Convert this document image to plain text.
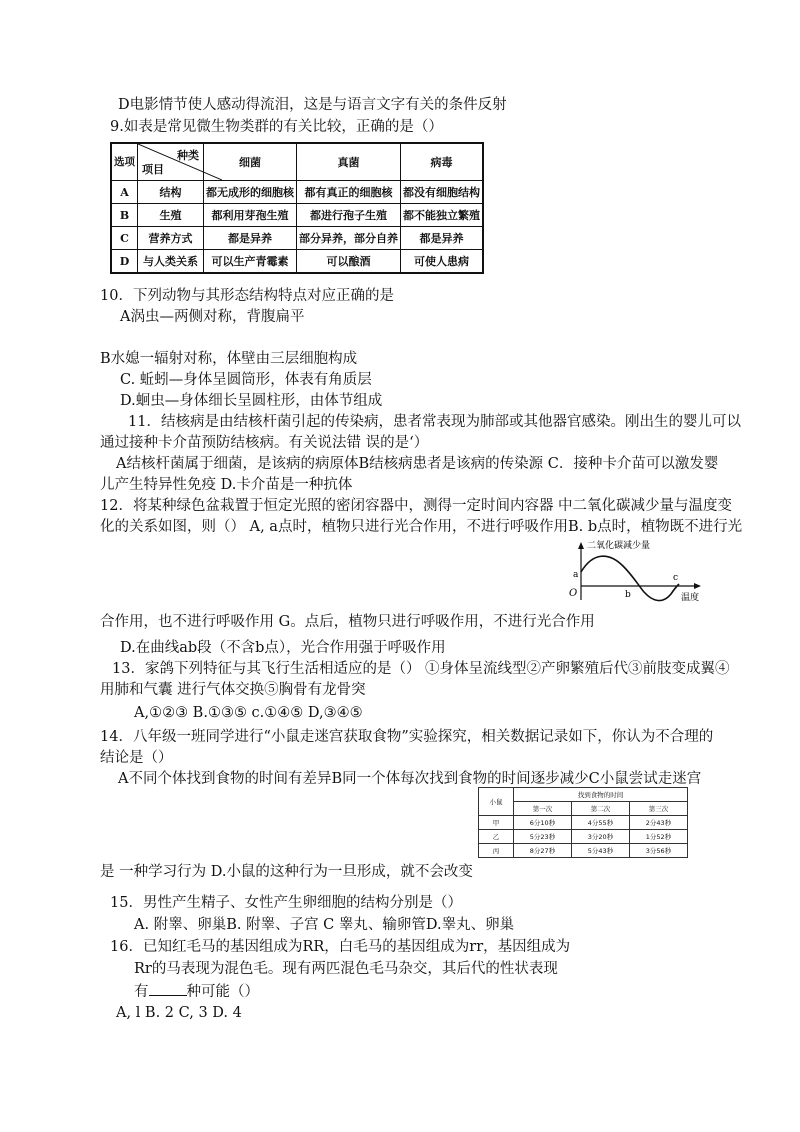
D电影情节使人感动得流泪，这是与语言文字有关的条件反射
9.如表是常见微生物类群的有关比较，正确的是（）
选项	种类
项目	细菌	真菌	病毒
A	结构	都无成形的细胞核	都有真正的细胞核	都没有细胞结构
B	生殖	都利用芽孢生殖	都进行孢子生殖	都不能独立繁殖
C	营养方式	都是异养	部分异养，部分自养	都是异养
D	与人类关系	可以生产青霉素	可以酿酒	可使人患病
10．下列动物与其形态结构特点对应正确的是
A涡虫—两侧对称，背腹扁平
B水媳一辐射对称，体壁由三层细胞构成
C. 蚯蚓—身体呈圆筒形，体表有角质层
D.蛔虫—身体细长呈圆柱形，由体节组成
11．结核病是由结核杆菌引起的传染病，患者常表现为肺部或其他器官感染。刚出生的婴儿可以
通过接种卡介苗预防结核病。有关说法错 误的是‘）
A结核杆菌属于细菌，是该病的病原体B结核病患者是该病的传染源 C．接种卡介苗可以激发婴
儿产生特异性免疫 D.卡介苗是一种抗体
12．将某种绿色盆栽置于恒定光照的密闭容器中，测得一定时间内容器 中二氧化碳减少量与温度变
化的关系如图，则（） A, a点时，植物只进行光合作用，不进行呼吸作用B. b点时，植物既不进行光
二氧化碳减少量
温度
O
a
b
c
合作用，也不进行呼吸作用 G。点后，植物只进行呼吸作用，不进行光合作用
D.在曲线ab段（不含b点），光合作用强于呼吸作用
13．家鸽下列特征与其飞行生活相适应的是（） ①身体呈流线型②产卵繁殖后代③前肢变成翼④
用肺和气囊 进行气体交换⑤胸骨有龙骨突
A,①②③ B.①③⑤ c.①④⑤ D,③④⑤
14．八年级一班同学进行“小鼠走迷宫获取食物”实验探究，相关数据记录如下，你认为不合理的
结论是（）
A不同个体找到食物的时间有差异B同一个体每次找到食物的时间逐步减少C小鼠尝试走迷宫
小鼠	找到食物的时间		
	第一次	第二次	第三次
甲	6分10秒	4分55秒	2分43秒
乙	5分23秒	3分20秒	1分52秒
丙	8分27秒	5分43秒	3分56秒
是 一种学习行为 D.小鼠的这种行为一旦形成，就不会改变
15．男性产生精子、女性产生卵细胞的结构分别是（）
A. 附睾、卵巢B. 附睾、子宫 C 睾丸、输卵管D.睾丸、卵巢
16．已知红毛马的基因组成为RR，白毛马的基因组成为rr，基因组成为
Rr的马表现为混色毛。现有两匹混色毛马杂交，其后代的性状表现
有	种可能（）
A, l B. 2 C, 3 D. 4
